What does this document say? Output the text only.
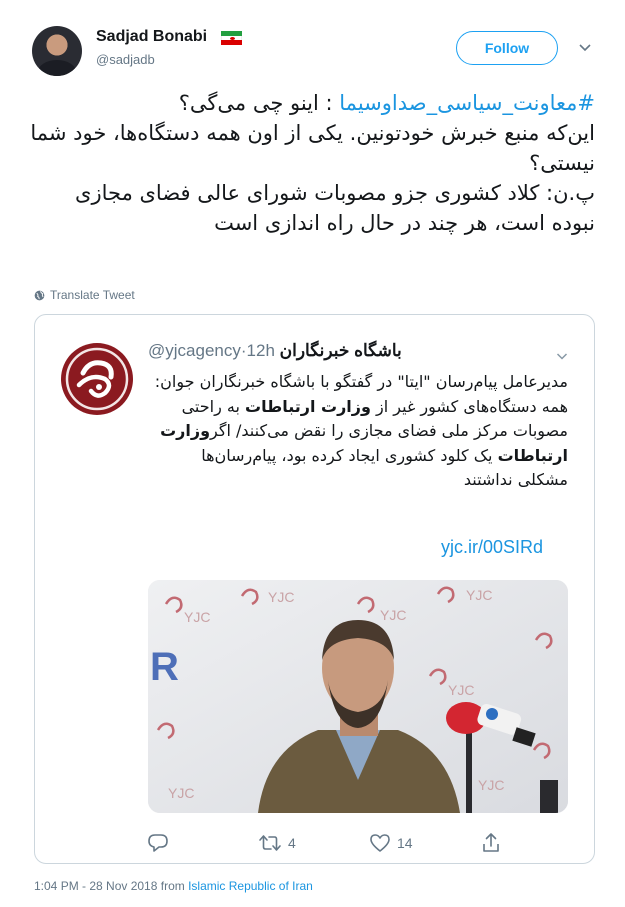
Sadjad Bonabi
@sadjadb
Follow
#معاونت_سیاسی_صداوسیما : اینو چی می‌گی؟
این‌که منبع خبرش خودتونین. یکی از اون همه دستگاه‌ها، خود شما نیستی؟
پ.ن: کلاد کشوری جزو مصوبات شورای عالی فضای مجازی نبوده است، هر چند در حال راه اندازی است
Translate Tweet
باشگاه خبرنگاران @yjcagency·12h
مدیرعامل پیام‌رسان "ایتا" در گفتگو با باشگاه خبرنگاران جوان: همه دستگاه‌های کشور غیر از وزارت ارتباطات به راحتی مصوبات مرکز ملی فضای مجازی را نقض می‌کنند/ اگروزارت ارتباطات یک کلود کشوری ایجاد کرده بود، پیام‌رسان‌ها مشکلی نداشتند
yjc.ir/00SIRd
YJC
YJC
YJC
YJC
YJC
YJC
YJC
R
4	14
1:04 PM - 28 Nov 2018 from Islamic Republic of Iran
